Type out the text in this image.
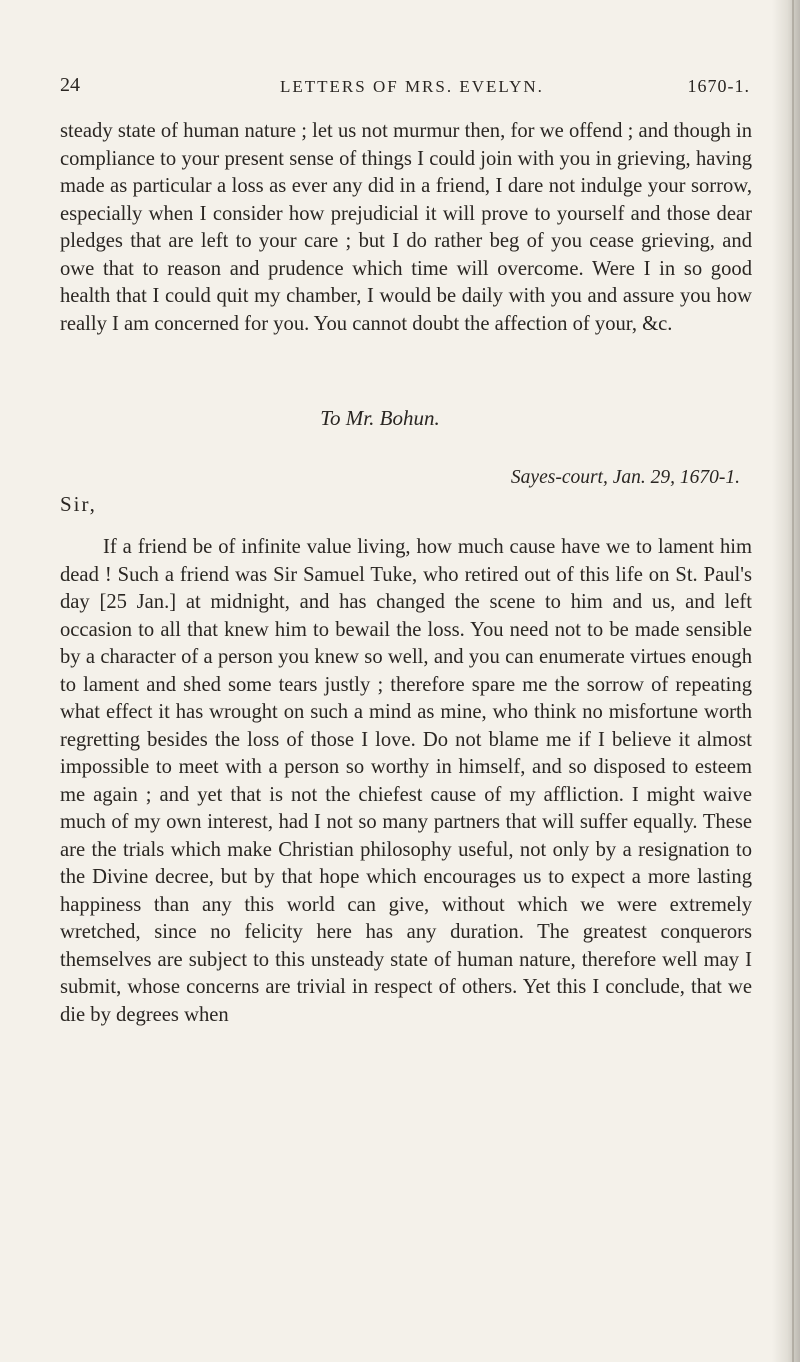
24	LETTERS OF MRS. EVELYN.	1670-1.

steady state of human nature ; let us not murmur then, for we offend ; and though in compliance to your present sense of things I could join with you in grieving, having made as particular a loss as ever any did in a friend, I dare not indulge your sorrow, especially when I consider how prejudicial it will prove to yourself and those dear pledges that are left to your care ; but I do rather beg of you cease grieving, and owe that to reason and prudence which time will overcome. Were I in so good health that I could quit my chamber, I would be daily with you and assure you how really I am concerned for you. You cannot doubt the affection of your, &c.

To Mr. Bohun.
Sayes-court, Jan. 29, 1670-1.
Sir,

If a friend be of infinite value living, how much cause have we to lament him dead ! Such a friend was Sir Samuel Tuke, who retired out of this life on St. Paul's day [25 Jan.] at midnight, and has changed the scene to him and us, and left occasion to all that knew him to bewail the loss. You need not to be made sensible by a character of a person you knew so well, and you can enumerate virtues enough to lament and shed some tears justly ; therefore spare me the sorrow of repeating what effect it has wrought on such a mind as mine, who think no misfortune worth regretting besides the loss of those I love. Do not blame me if I believe it almost impossible to meet with a person so worthy in himself, and so disposed to esteem me again ; and yet that is not the chiefest cause of my affliction. I might waive much of my own interest, had I not so many partners that will suffer equally. These are the trials which make Christian philosophy useful, not only by a resignation to the Divine decree, but by that hope which encourages us to expect a more lasting happiness than any this world can give, without which we were extremely wretched, since no felicity here has any duration. The greatest conquerors themselves are subject to this unsteady state of human nature, therefore well may I submit, whose concerns are trivial in respect of others. Yet this I conclude, that we die by degrees when
